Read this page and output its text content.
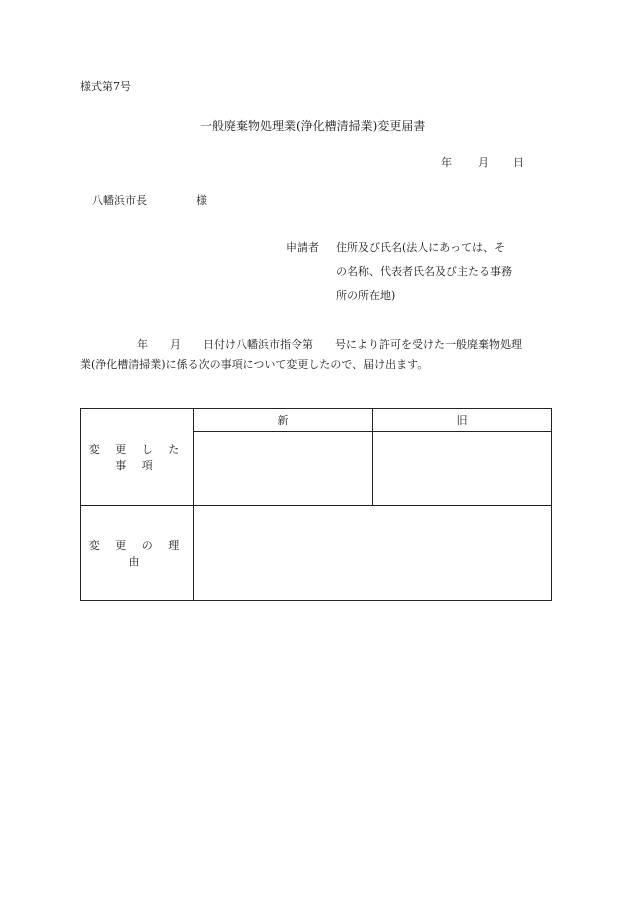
様式第7号
一般廃棄物処理業(浄化槽清掃業)変更届書
年 月 日
八幡浜市長	様
申請者 住所及び氏名(法人にあっては、そ
の名称、代表者氏名及び主たる事務
所の所在地)

年　　月　　日付け八幡浜市指令第　　号により許可を受けた一般廃棄物処理

業(浄化槽清掃業)に係る次の事項について変更したので、届け出ます。

変 更 し た 事 項	新	旧

変 更 の 理 由		
